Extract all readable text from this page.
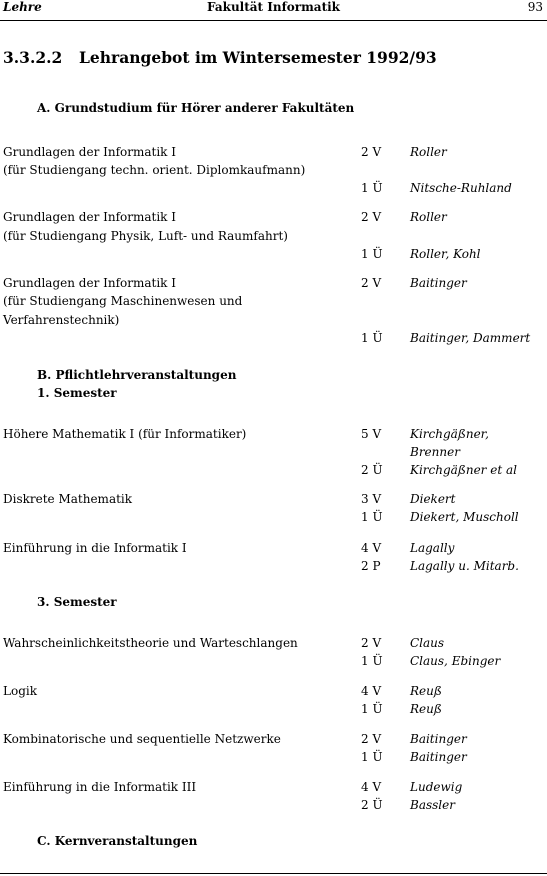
Lehre	Fakultät Informatik	93
3.3.2.2 Lehrangebot im Wintersemester 1992/93
A. Grundstudium für Hörer anderer Fakultäten
Grundlagen der Informatik I	2 V Roller
(für Studiengang techn. orient. Diplomkaufmann)
1 Ü Nitsche-Ruhland
Grundlagen der Informatik I	2 V Roller
(für Studiengang Physik, Luft- und Raumfahrt)
1 Ü Roller, Kohl
Grundlagen der Informatik I	2 V Baitinger
(für Studiengang Maschinenwesen und
Verfahrenstechnik)
1 Ü Baitinger, Dammert
B. Pflichtlehrveranstaltungen
1. Semester
Höhere Mathematik I (für Informatiker)	5 V Kirchgäßner,
Brenner
2 Ü Kirchgäßner et al
Diskrete Mathematik	3 V Diekert
1 Ü Diekert, Muscholl
Einführung in die Informatik I	4 V Lagally
2 P Lagally u. Mitarb.
3. Semester
Wahrscheinlichkeitstheorie und Warteschlangen	2 V Claus
1 Ü Claus, Ebinger
Logik	4 V Reuß
1 Ü Reuß
Kombinatorische und sequentielle Netzwerke	2 V Baitinger
1 Ü Baitinger
Einführung in die Informatik III	4 V Ludewig
2 Ü Bassler
C. Kernveranstaltungen
